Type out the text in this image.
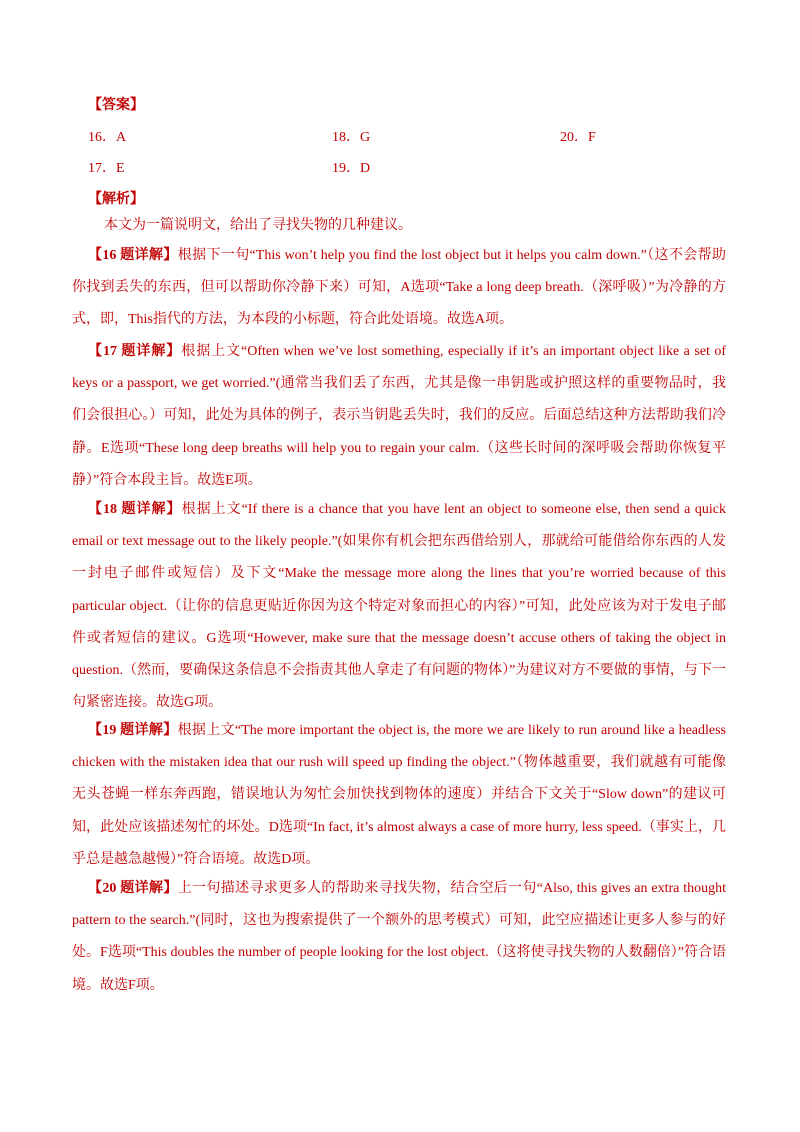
【答案】
16．A	18．G	20．F
17．E	19．D
【解析】
本文为一篇说明文，给出了寻找失物的几种建议。

【16 题详解】根据下一句“This won’t help you find the lost object but it helps you calm down.”（这不会帮助你找到丢失的东西，但可以帮助你冷静下来）可知，A选项“Take a long deep breath.（深呼吸）”为冷静的方式，即，This指代的方法，为本段的小标题，符合此处语境。故选A项。

【17 题详解】根据上文“Often when we’ve lost something, especially if it’s an important object like a set of keys or a passport, we get worried.”(通常当我们丢了东西，尤其是像一串钥匙或护照这样的重要物品时，我们会很担心。）可知，此处为具体的例子，表示当钥匙丢失时，我们的反应。后面总结这种方法帮助我们冷静。E选项“These long deep breaths will help you to regain your calm.（这些长时间的深呼吸会帮助你恢复平静）”符合本段主旨。故选E项。

【18 题详解】根据上文“If there is a chance that you have lent an object to someone else, then send a quick email or text message out to the likely people.”(如果你有机会把东西借给别人，那就给可能借给你东西的人发一封电子邮件或短信）及下文“Make the message more along the lines that you’re worried because of this particular object.（让你的信息更贴近你因为这个特定对象而担心的内容）”可知，此处应该为对于发电子邮件或者短信的建议。G选项“However, make sure that the message doesn’t accuse others of taking the object in question.（然而，要确保这条信息不会指责其他人拿走了有问题的物体）”为建议对方不要做的事情，与下一句紧密连接。故选G项。

【19 题详解】根据上文“The more important the object is, the more we are likely to run around like a headless chicken with the mistaken idea that our rush will speed up finding the object.”（物体越重要，我们就越有可能像无头苍蝇一样东奔西跑，错误地认为匆忙会加快找到物体的速度）并结合下文关于“Slow down”的建议可知，此处应该描述匆忙的坏处。D选项“In fact, it’s almost always a case of more hurry, less speed.（事实上，几乎总是越急越慢）”符合语境。故选D项。

【20 题详解】上一句描述寻求更多人的帮助来寻找失物，结合空后一句“Also, this gives an extra thought pattern to the search.”(同时，这也为搜索提供了一个额外的思考模式）可知，此空应描述让更多人参与的好处。F选项“This doubles the number of people looking for the lost object.（这将使寻找失物的人数翻倍）”符合语境。故选F项。
